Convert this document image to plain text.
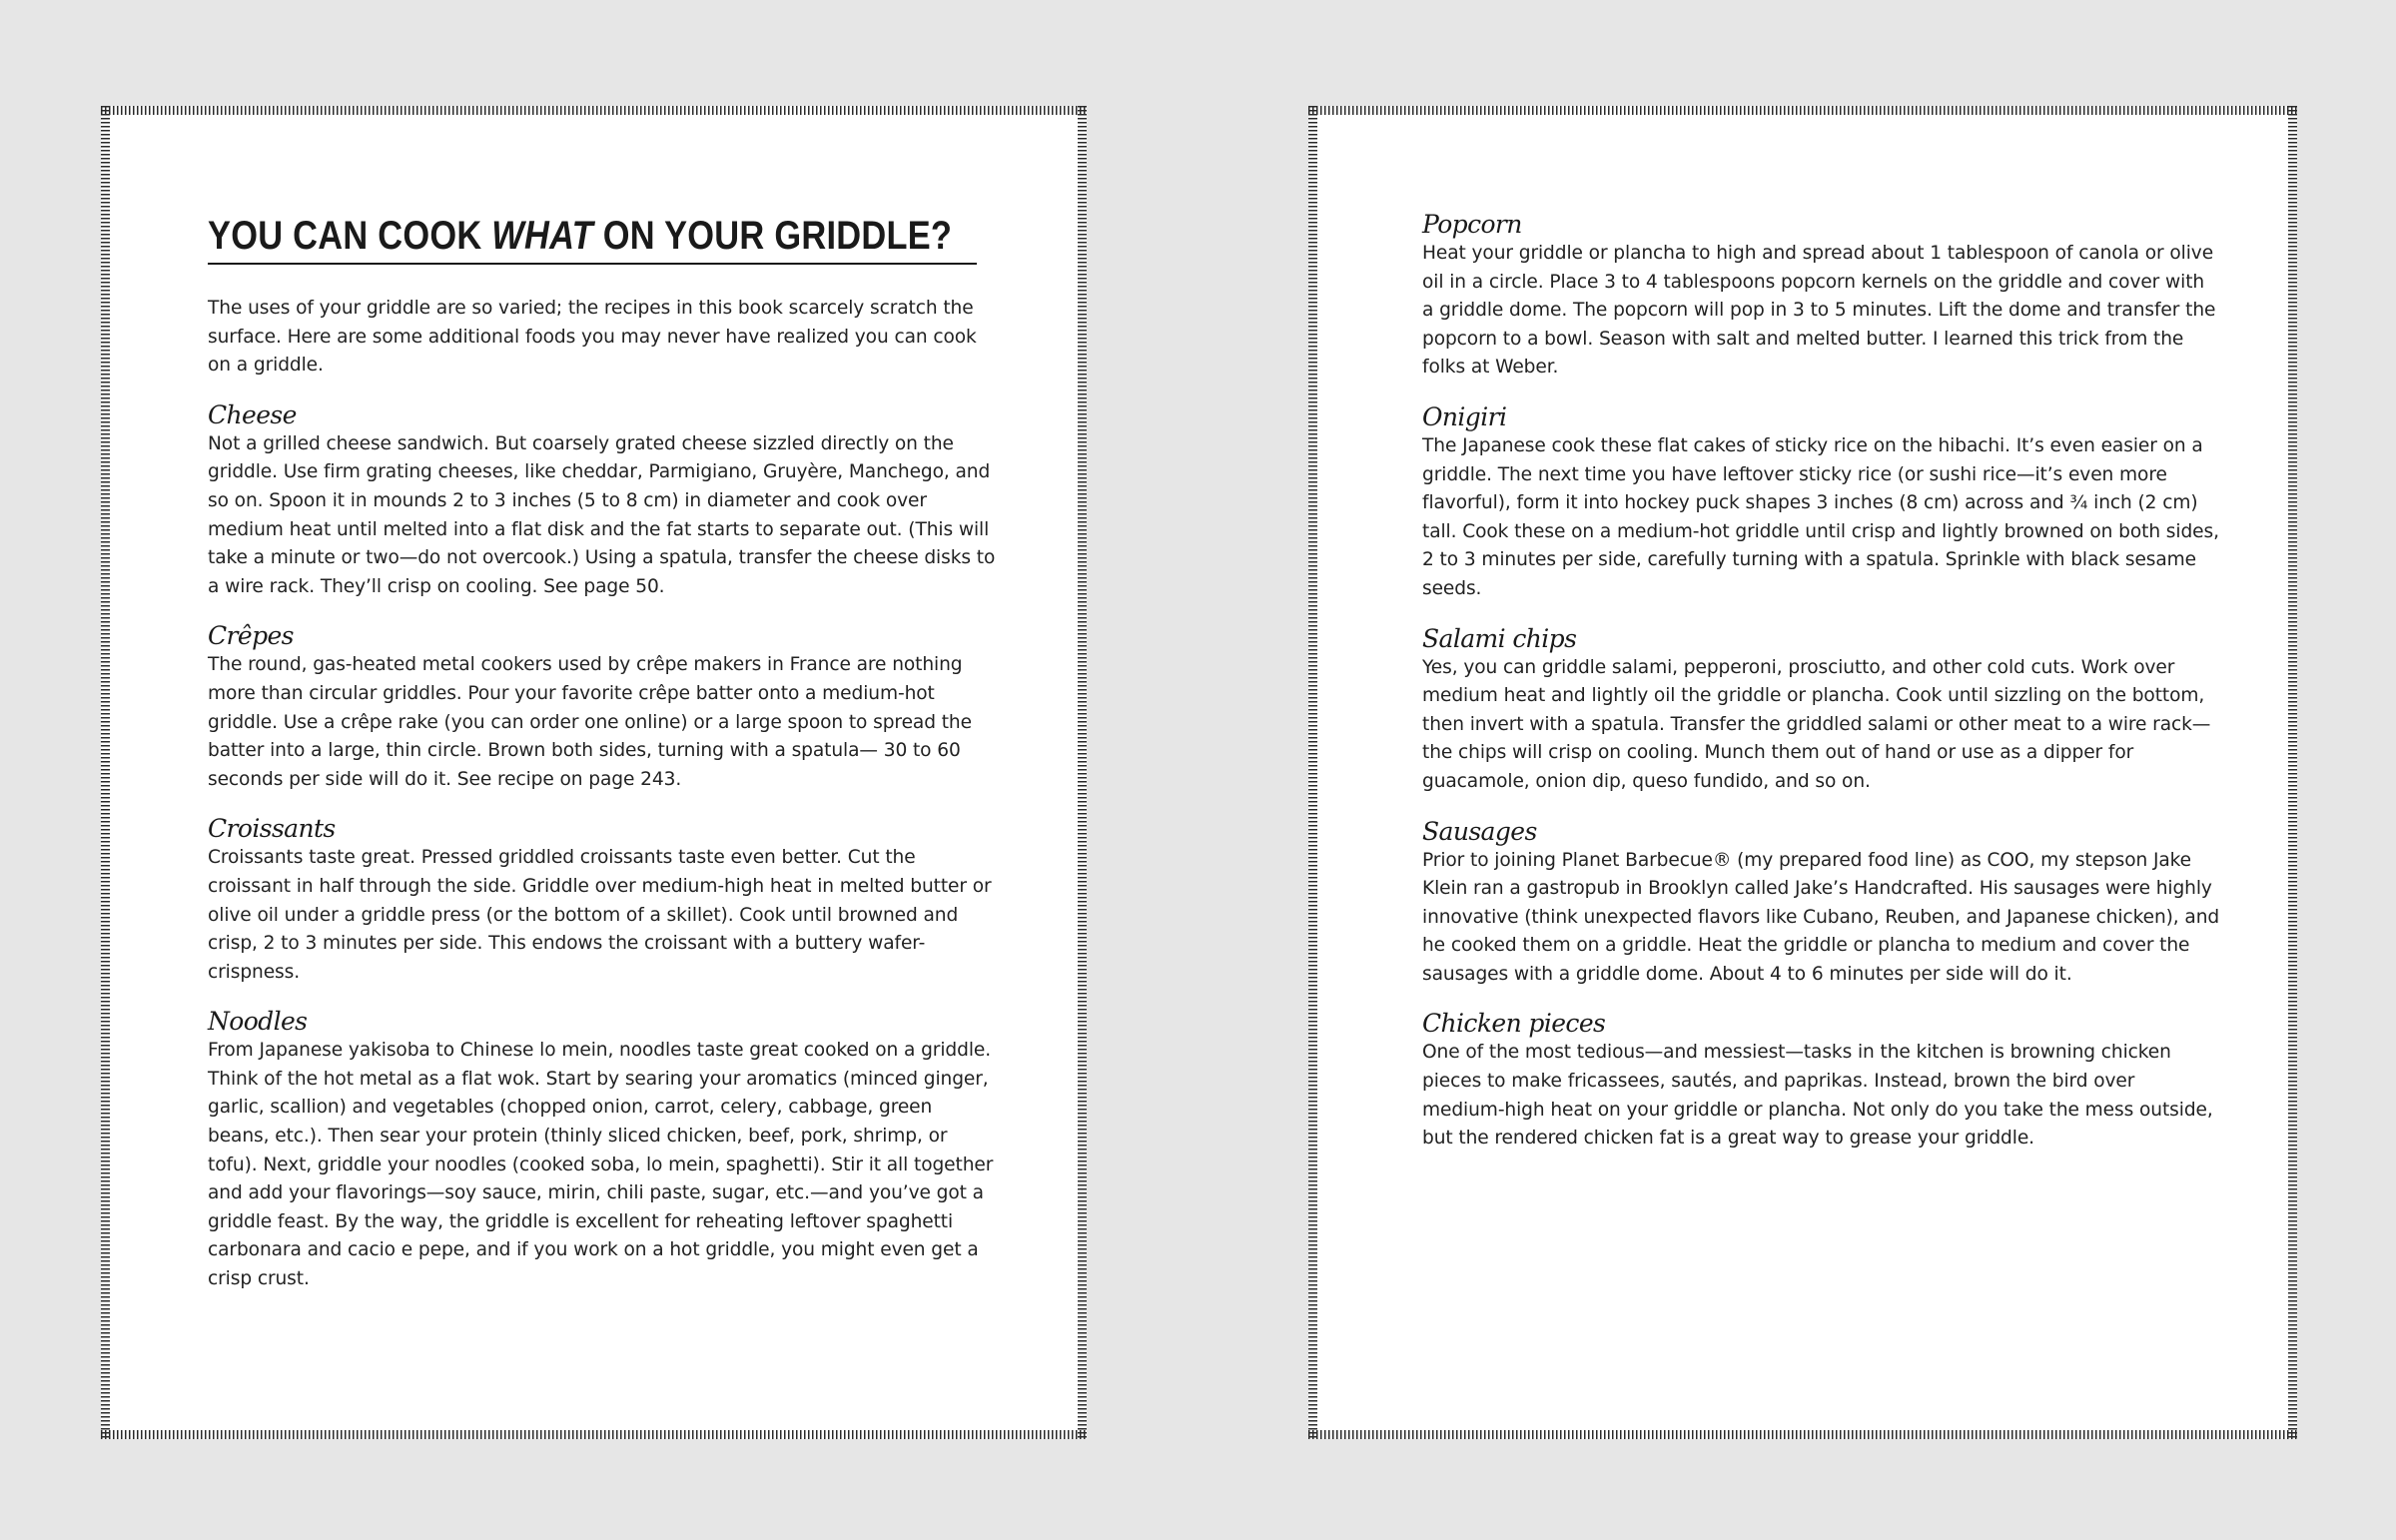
YOU CAN COOK WHAT ON YOUR GRIDDLE?

The uses of your griddle are so varied; the recipes in this book scarcely scratch the surface. Here are some additional foods you may never have realized you can cook on a griddle.

Cheese

Not a grilled cheese sandwich. But coarsely grated cheese sizzled directly on the griddle. Use firm grating cheeses, like cheddar, Parmigiano, Gruyère, Manchego, and so on. Spoon it in mounds 2 to 3 inches (5 to 8 cm) in diameter and cook over medium heat until melted into a flat disk and the fat starts to separate out. (This will take a minute or two—do not overcook.) Using a spatula, transfer the cheese disks to a wire rack. They’ll crisp on cooling. See page 50.

Crêpes

The round, gas-heated metal cookers used by crêpe makers in France are nothing more than circular griddles. Pour your favorite crêpe batter onto a medium-hot griddle. Use a crêpe rake (you can order one online) or a large spoon to spread the batter into a large, thin circle. Brown both sides, turning with a spatula— 30 to 60 seconds per side will do it. See recipe on page 243.

Croissants

Croissants taste great. Pressed griddled croissants taste even better. Cut the croissant in half through the side. Griddle over medium-high heat in melted butter or olive oil under a griddle press (or the bottom of a skillet). Cook until browned and crisp, 2 to 3 minutes per side. This endows the croissant with a buttery wafer-crispness.

Noodles

From Japanese yakisoba to Chinese lo mein, noodles taste great cooked on a griddle. Think of the hot metal as a flat wok. Start by searing your aromatics (minced ginger, garlic, scallion) and vegetables (chopped onion, carrot, celery, cabbage, green beans, etc.). Then sear your protein (thinly sliced chicken, beef, pork, shrimp, or tofu). Next, griddle your noodles (cooked soba, lo mein, spaghetti). Stir it all together and add your flavorings—soy sauce, mirin, chili paste, sugar, etc.—and you’ve got a griddle feast. By the way, the griddle is excellent for reheating leftover spaghetti carbonara and cacio e pepe, and if you work on a hot griddle, you might even get a crisp crust.

Popcorn

Heat your griddle or plancha to high and spread about 1 tablespoon of canola or olive oil in a circle. Place 3 to 4 tablespoons popcorn kernels on the griddle and cover with a griddle dome. The popcorn will pop in 3 to 5 minutes. Lift the dome and transfer the popcorn to a bowl. Season with salt and melted butter. I learned this trick from the folks at Weber.

Onigiri

The Japanese cook these flat cakes of sticky rice on the hibachi. It’s even easier on a griddle. The next time you have leftover sticky rice (or sushi rice—it’s even more flavorful), form it into hockey puck shapes 3 inches (8 cm) across and ¾ inch (2 cm) tall. Cook these on a medium-hot griddle until crisp and lightly browned on both sides, 2 to 3 minutes per side, carefully turning with a spatula. Sprinkle with black sesame seeds.

Salami chips

Yes, you can griddle salami, pepperoni, prosciutto, and other cold cuts. Work over medium heat and lightly oil the griddle or plancha. Cook until sizzling on the bottom, then invert with a spatula. Transfer the griddled salami or other meat to a wire rack—the chips will crisp on cooling. Munch them out of hand or use as a dipper for guacamole, onion dip, queso fundido, and so on.

Sausages

Prior to joining Planet Barbecue® (my prepared food line) as COO, my stepson Jake Klein ran a gastropub in Brooklyn called Jake’s Handcrafted. His sausages were highly innovative (think unexpected flavors like Cubano, Reuben, and Japanese chicken), and he cooked them on a griddle. Heat the griddle or plancha to medium and cover the sausages with a griddle dome. About 4 to 6 minutes per side will do it.

Chicken pieces

One of the most tedious—and messiest—tasks in the kitchen is browning chicken pieces to make fricassees, sautés, and paprikas. Instead, brown the bird over medium-high heat on your griddle or plancha. Not only do you take the mess outside, but the rendered chicken fat is a great way to grease your griddle.
